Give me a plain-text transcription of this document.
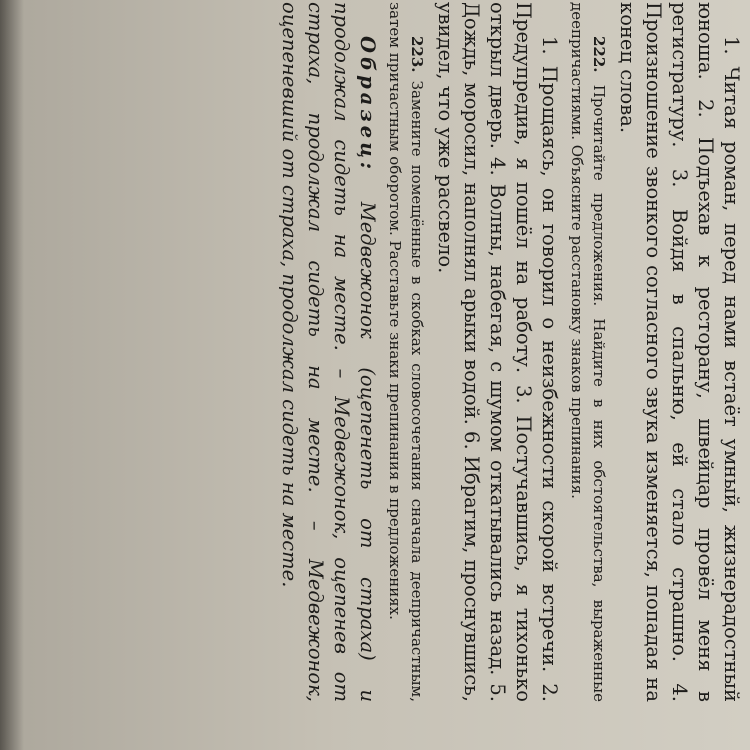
1. Читая роман, перед нами встаёт умный, жизнерадостный юноша. 2. Подъехав к ресторану, швейцар провёл меня в регистратуру. 3. Войдя в спальню, ей стало страшно. 4. Произношение звонкого согласного звука изменяется, попадая на конец слова.

222. Прочитайте предложения. Найдите в них обстоятельства, выраженные деепричастиями. Объясните расстановку знаков препинания.

1. Прощаясь, он говорил о неизбежности скорой встречи. 2. Предупредив, я пошёл на работу. 3. Постучавшись, я тихонько открыл дверь. 4. Волны, набегая, с шумом откатывались назад. 5. Дождь, моросил, наполнял арыки водой. 6. Ибрагим, проснувшись, увидел, что уже рассвело.

223. Замените помещённые в скобках словосочетания сначала деепричастным, затем причастным оборотом. Расставьте знаки препинания в предложениях.

Образец: Медвежонок (оцепенеть от страха) и продолжал сидеть на месте. – Медвежонок, оцепенев от страха, продолжал сидеть на месте. – Медвежонок, оцепеневший от страха, продолжал сидеть на месте.
